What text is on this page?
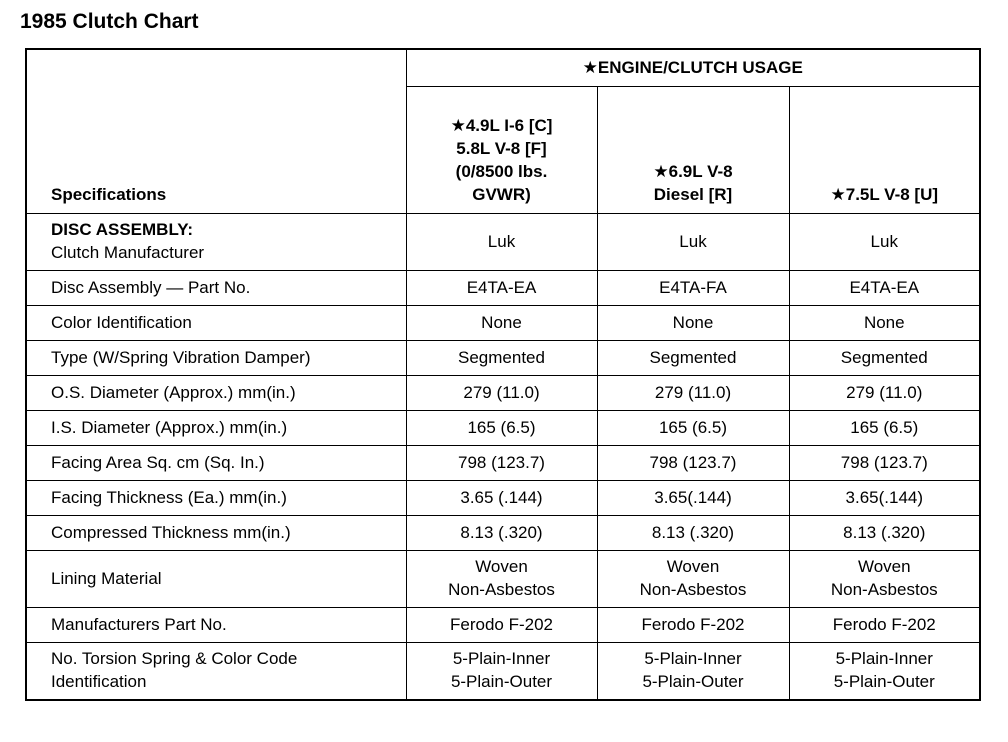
1985 Clutch Chart
Specifications	★ENGINE/CLUTCH USAGE		

	★4.9L I-6 [C]
5.8L V-8 [F]
(0/8500 lbs.
GVWR)	★6.9L V-8
Diesel [R]	★7.5L V-8 [U]

DISC ASSEMBLY:
Clutch Manufacturer	Luk	Luk	Luk

Disc Assembly — Part No.	E4TA-EA	E4TA-FA	E4TA-EA

Color Identification	None	None	None

Type (W/Spring Vibration Damper)	Segmented	Segmented	Segmented

O.S. Diameter (Approx.) mm(in.)	279 (11.0)	279 (11.0)	279 (11.0)

I.S. Diameter (Approx.) mm(in.)	165 (6.5)	165 (6.5)	165 (6.5)

Facing Area Sq. cm (Sq. In.)	798 (123.7)	798 (123.7)	798 (123.7)

Facing Thickness (Ea.) mm(in.)	3.65 (.144)	3.65(.144)	3.65(.144)

Compressed Thickness mm(in.)	8.13 (.320)	8.13 (.320)	8.13 (.320)

Lining Material	Woven
Non-Asbestos	Woven
Non-Asbestos	Woven
Non-Asbestos

Manufacturers Part No.	Ferodo F-202	Ferodo F-202	Ferodo F-202

No. Torsion Spring & Color Code
Identification	5-Plain-Inner
5-Plain-Outer	5-Plain-Inner
5-Plain-Outer	5-Plain-Inner
5-Plain-Outer
